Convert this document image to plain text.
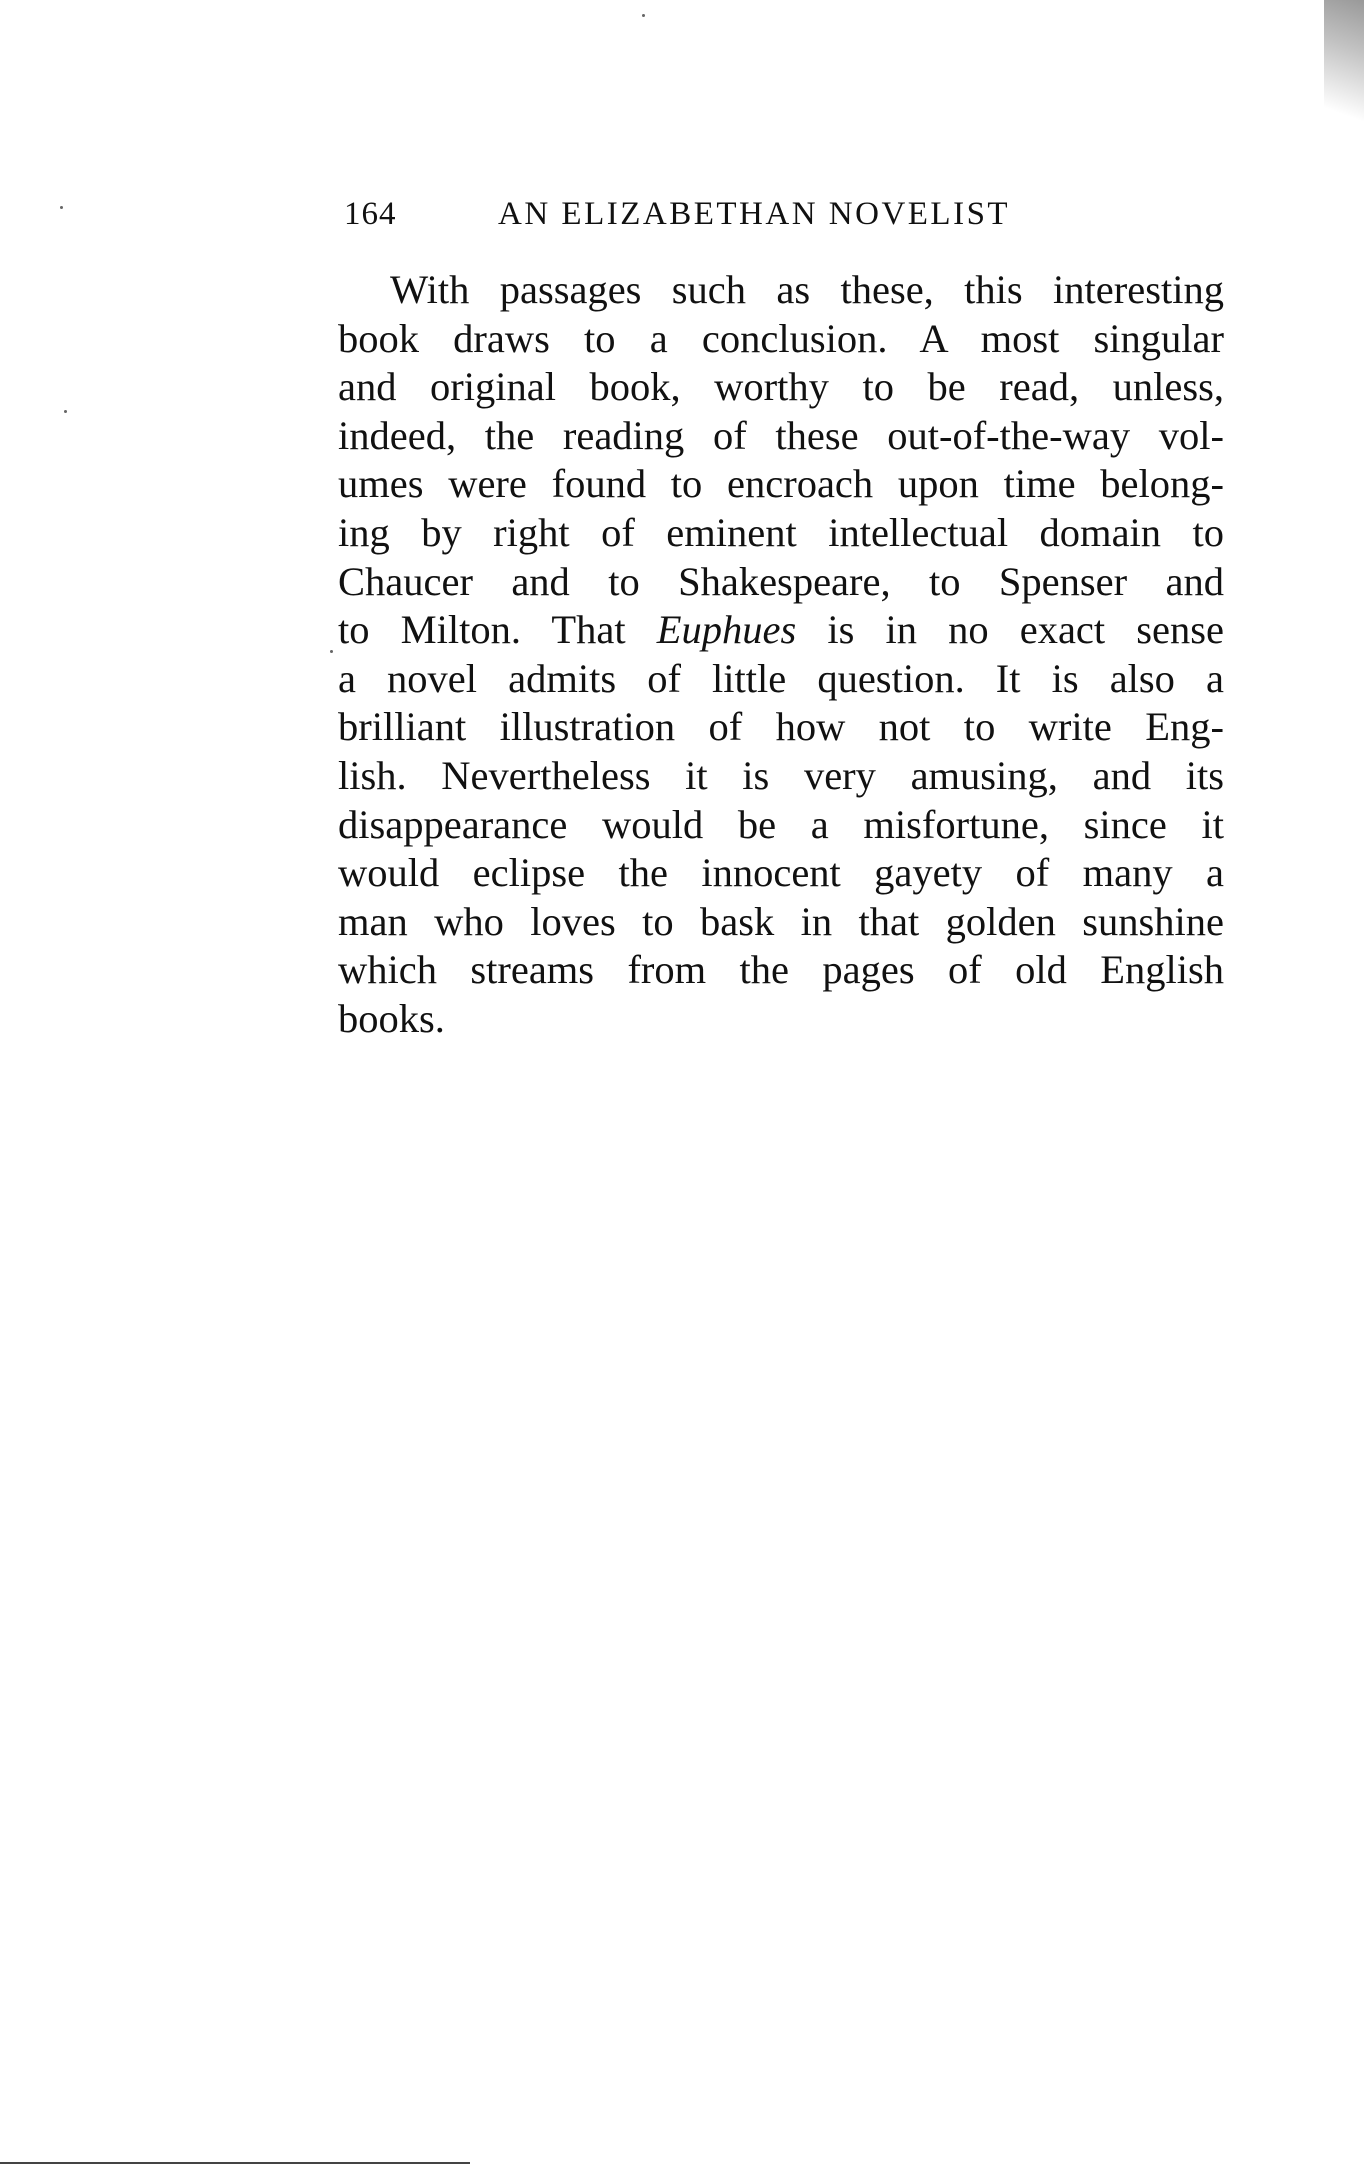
164	AN ELIZABETHAN NOVELIST
With passages such as these, this interesting
book draws to a conclusion. A most singular
and original book, worthy to be read, unless,
indeed, the reading of these out-of-the-way vol-
umes were found to encroach upon time belong-
ing by right of eminent intellectual domain to
Chaucer and to Shakespeare, to Spenser and
to Milton. That Euphues is in no exact sense
a novel admits of little question. It is also a
brilliant illustration of how not to write Eng-
lish. Nevertheless it is very amusing, and its
disappearance would be a misfortune, since it
would eclipse the innocent gayety of many a
man who loves to bask in that golden sunshine
which streams from the pages of old English
books.
